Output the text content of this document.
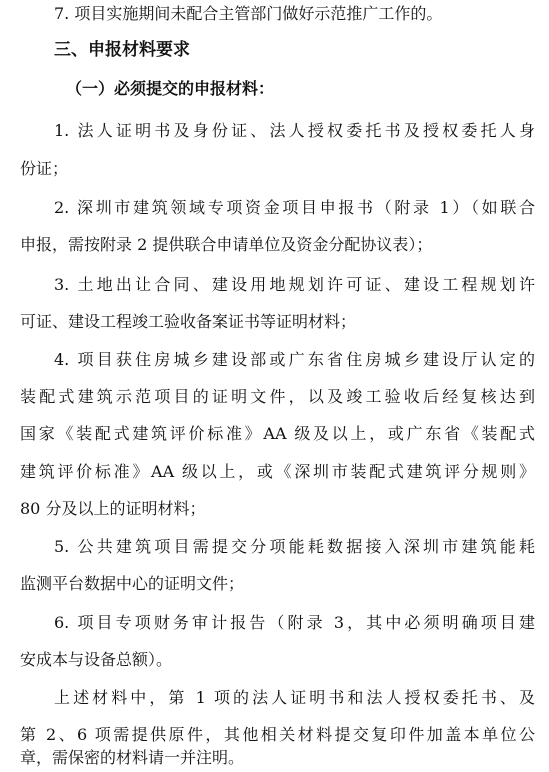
7. 项目实施期间未配合主管部门做好示范推广工作的。
三、申报材料要求
（一）必须提交的申报材料：
1. 法人证明书及身份证、法人授权委托书及授权委托人身
份证；
2. 深圳市建筑领域专项资金项目申报书（附录 1）（如联合
申报，需按附录 2 提供联合申请单位及资金分配协议表）；
3. 土地出让合同、建设用地规划许可证、建设工程规划许
可证、建设工程竣工验收备案证书等证明材料；
4. 项目获住房城乡建设部或广东省住房城乡建设厅认定的
装配式建筑示范项目的证明文件，以及竣工验收后经复核达到
国家《装配式建筑评价标准》AA 级及以上，或广东省《装配式
建筑评价标准》AA 级以上，或《深圳市装配式建筑评分规则》
80 分及以上的证明材料；
5. 公共建筑项目需提交分项能耗数据接入深圳市建筑能耗
监测平台数据中心的证明文件；
6. 项目专项财务审计报告（附录 3，其中必须明确项目建
安成本与设备总额）。
上述材料中，第 1 项的法人证明书和法人授权委托书、及
第 2、6 项需提供原件，其他相关材料提交复印件加盖本单位公
章，需保密的材料请一并注明。
